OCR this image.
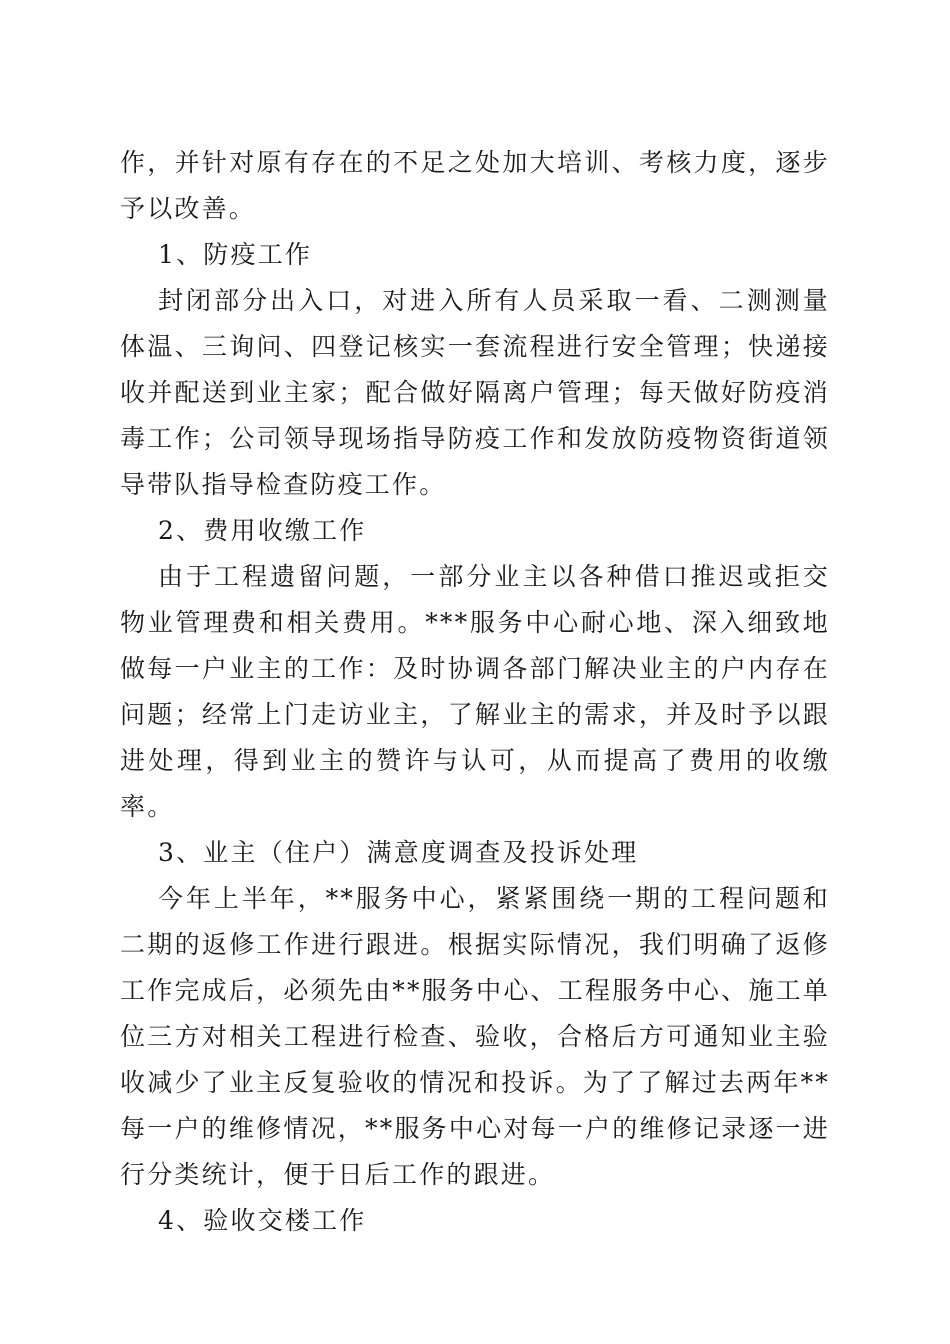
作，并针对原有存在的不足之处加大培训、考核力度，逐步予以改善。

1、防疫工作

封闭部分出入口，对进入所有人员采取一看、二测测量体温、三询问、四登记核实一套流程进行安全管理；快递接收并配送到业主家；配合做好隔离户管理；每天做好防疫消毒工作；公司领导现场指导防疫工作和发放防疫物资街道领导带队指导检查防疫工作。

2、费用收缴工作

由于工程遗留问题，一部分业主以各种借口推迟或拒交物业管理费和相关费用。***服务中心耐心地、深入细致地做每一户业主的工作：及时协调各部门解决业主的户内存在问题；经常上门走访业主，了解业主的需求，并及时予以跟进处理，得到业主的赞许与认可，从而提高了费用的收缴率。

3、业主（住户）满意度调查及投诉处理

今年上半年，**服务中心，紧紧围绕一期的工程问题和二期的返修工作进行跟进。根据实际情况，我们明确了返修工作完成后，必须先由**服务中心、工程服务中心、施工单位三方对相关工程进行检查、验收，合格后方可通知业主验收减少了业主反复验收的情况和投诉。为了了解过去两年**每一户的维修情况，**服务中心对每一户的维修记录逐一进行分类统计，便于日后工作的跟进。

4、验收交楼工作
